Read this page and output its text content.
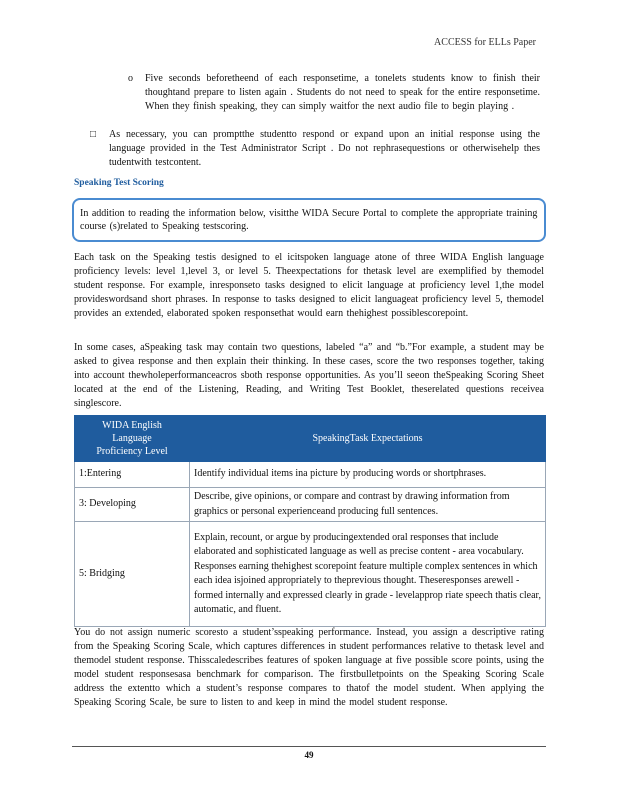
ACCESS for ELLs Paper
o	Five seconds beforetheend of each responsetime, a tonelets students know to finish their thoughtand prepare to listen again . Students do not need to speak for the entire responsetime. When they finish speaking, they can simply waitfor the next audio file to begin playing .
□	As necessary, you can promptthe studentto respond or expand upon an initial response using the language provided in the Test Administrator Script . Do not rephrasequestions or otherwisehelp thes tudentwith testcontent.
Speaking Test Scoring
In addition to reading the information below, visitthe WIDA Secure Portal to complete the appropriate training course (s)related to Speaking testscoring.
Each task on the Speaking testis designed to el icitspoken language atone of three WIDA English language proficiency levels: level 1,level 3, or level 5. Theexpectations for thetask level are exemplified by themodel student response. For example, inresponseto tasks designed to elicit language at proficiency level 1,the model provideswordsand short phrases. In response to tasks designed to elicit languageat proficiency level 5, themodel provides an extended, elaborated spoken responsethat would earn thehighest possiblescorepoint.
In some cases, aSpeaking task may contain two questions, labeled “a” and “b.”For example, a student may be asked to givea response and then explain their thinking. In these cases, score the two responses together, taking into account thewholeperformanceacros sboth response opportunities. As you’ll seeon theSpeaking Scoring Sheet located at the end of the Listening, Reading, and Writing Test Booklet, theserelated questions receivea singlescore.
WIDA English
Language
Proficiency Level	SpeakingTask Expectations
1:Entering	Identify individual items ina picture by producing words or shortphrases.
3: Developing	Describe, give opinions, or compare and contrast by drawing information from graphics or personal experienceand producing full sentences.
5: Bridging	Explain, recount, or argue by producingextended oral responses that include elaborated and sophisticated language as well as precise content - area vocabulary. Responses earning thehighest scorepoint feature multiple complex sentences in which each idea isjoined appropriately to theprevious thought. Theseresponses arewell -formed internally and expressed clearly in grade - levelapprop riate speech thatis clear, automatic, and fluent.
You do not assign numeric scoresto a student’sspeaking performance. Instead, you assign a descriptive rating from the Speaking Scoring Scale, which captures differences in student performances relative to thetask level and themodel student response. Thisscaledescribes features of spoken language at five possible score points, using the model student responsesasa benchmark for comparison. The firstbulletpoints on the Speaking Scoring Scale address the extentto which a student’s response compares to thatof the model student. When applying the Speaking Scoring Scale, be sure to listen to and keep in mind the model student response.
49
